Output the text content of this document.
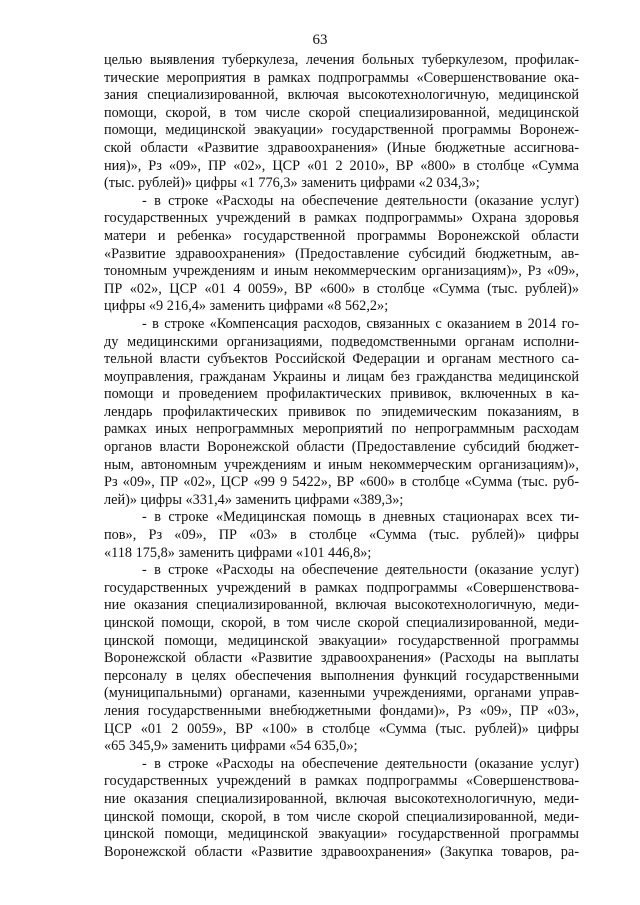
63
целью выявления туберкулеза, лечения больных туберкулезом, профилак-
тические мероприятия в рамках подпрограммы «Совершенствование ока-
зания специализированной, включая высокотехнологичную, медицинской
помощи, скорой, в том числе скорой специализированной, медицинской
помощи, медицинской эвакуации» государственной программы Воронеж-
ской области «Развитие здравоохранения» (Иные бюджетные ассигнова-
ния)», Рз «09», ПР «02», ЦСР «01 2 2010», ВР «800» в столбце «Сумма
(тыс. рублей)» цифры «1 776,3» заменить цифрами «2 034,3»;
- в строке «Расходы на обеспечение деятельности (оказание услуг)
государственных учреждений в рамках подпрограммы» Охрана здоровья
матери и ребенка» государственной программы Воронежской области
«Развитие здравоохранения» (Предоставление субсидий бюджетным, ав-
тономным учреждениям и иным некоммерческим организациям)», Рз «09»,
ПР «02», ЦСР «01 4 0059», ВР «600» в столбце «Сумма (тыс. рублей)»
цифры «9 216,4» заменить цифрами «8 562,2»;
- в строке «Компенсация расходов, связанных с оказанием в 2014 го-
ду медицинскими организациями, подведомственными органам исполни-
тельной власти субъектов Российской Федерации и органам местного са-
моуправления, гражданам Украины и лицам без гражданства медицинской
помощи и проведением профилактических прививок, включенных в ка-
лендарь профилактических прививок по эпидемическим показаниям, в
рамках иных непрограммных мероприятий по непрограммным расходам
органов власти Воронежской области (Предоставление субсидий бюджет-
ным, автономным учреждениям и иным некоммерческим организациям)»,
Рз «09», ПР «02», ЦСР «99 9 5422», ВР «600» в столбце «Сумма (тыс. руб-
лей)» цифры «331,4» заменить цифрами «389,3»;
- в строке «Медицинская помощь в дневных стационарах всех ти-
пов», Рз «09», ПР «03» в столбце «Сумма (тыс. рублей)» цифры
«118 175,8» заменить цифрами «101 446,8»;
- в строке «Расходы на обеспечение деятельности (оказание услуг)
государственных учреждений в рамках подпрограммы «Совершенствова-
ние оказания специализированной, включая высокотехнологичную, меди-
цинской помощи, скорой, в том числе скорой специализированной, меди-
цинской помощи, медицинской эвакуации» государственной программы
Воронежской области «Развитие здравоохранения» (Расходы на выплаты
персоналу в целях обеспечения выполнения функций государственными
(муниципальными) органами, казенными учреждениями, органами управ-
ления государственными внебюджетными фондами)», Рз «09», ПР «03»,
ЦСР «01 2 0059», ВР «100» в столбце «Сумма (тыс. рублей)» цифры
«65 345,9» заменить цифрами «54 635,0»;
- в строке «Расходы на обеспечение деятельности (оказание услуг)
государственных учреждений в рамках подпрограммы «Совершенствова-
ние оказания специализированной, включая высокотехнологичную, меди-
цинской помощи, скорой, в том числе скорой специализированной, меди-
цинской помощи, медицинской эвакуации» государственной программы
Воронежской области «Развитие здравоохранения» (Закупка товаров, ра-
